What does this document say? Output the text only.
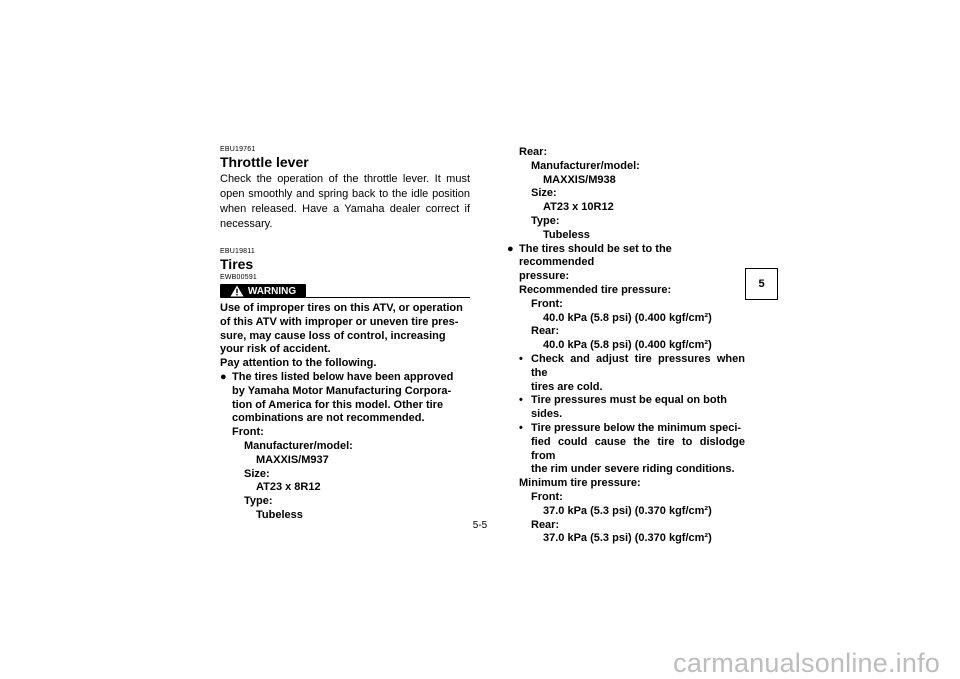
EBU19761
Throttle lever
Check the operation of the throttle lever. It must open smoothly and spring back to the idle position when released. Have a Yamaha dealer correct if necessary.
EBU19811
Tires
EWB00591
WARNING
Use of improper tires on this ATV, or operation
of this ATV with improper or uneven tire pres-
sure, may cause loss of control, increasing
your risk of accident.
Pay attention to the following.
● The tires listed below have been approved
by Yamaha Motor Manufacturing Corpora-
tion of America for this model. Other tire
combinations are not recommended.
Front:
Manufacturer/model:
MAXXIS/M937
Size:
AT23 x 8R12
Type:
Tubeless
Rear:
Manufacturer/model:
MAXXIS/M938
Size:
AT23 x 10R12
Type:
Tubeless
● The tires should be set to the recommended
pressure:
Recommended tire pressure:
Front:
40.0 kPa (5.8 psi) (0.400 kgf/cm²)
Rear:
40.0 kPa (5.8 psi) (0.400 kgf/cm²)
• Check and adjust tire pressures when the
tires are cold.
• Tire pressures must be equal on both
sides.
• Tire pressure below the minimum speci-
fied could cause the tire to dislodge from
the rim under severe riding conditions.
Minimum tire pressure:
Front:
37.0 kPa (5.3 psi) (0.370 kgf/cm²)
Rear:
37.0 kPa (5.3 psi) (0.370 kgf/cm²)
5
5-5
carmanualsonline.info
